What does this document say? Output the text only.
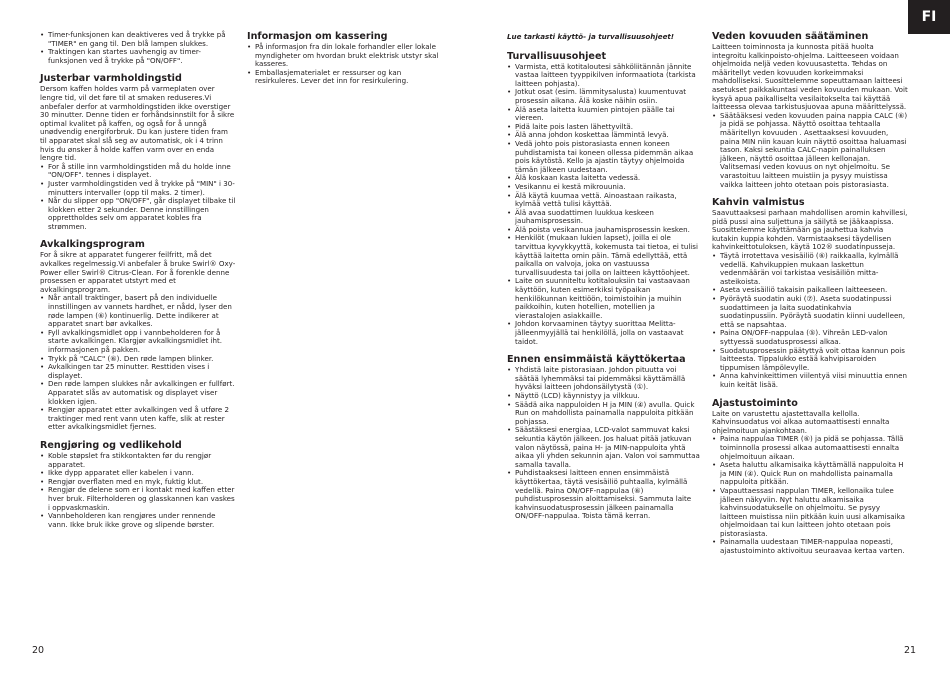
FI
• Timer-funksjonen kan deaktiveres ved å trykke på "TIMER" en gang til. Den blå lampen slukkes.
• Traktingen kan startes uavhengig av timer-funksjonen ved å trykke på "ON/OFF".
Justerbar varmholdingstid

Dersom kaffen holdes varm på varmeplaten over lengre tid, vil det føre til at smaken reduseres.Vi anbefaler derfor at varmholdingstiden ikke overstiger 30 minutter. Denne tiden er forhåndsinnstilt for å sikre optimal kvalitet på kaffen, og også for å unngå unødvendig energiforbruk. Du kan justere tiden fram til apparatet skal slå seg av automatisk, ok i 4 trinn hvis du ønsker å holde kaffen varm over en enda lengre tid.

• For å stille inn varmholdingstiden må du holde inne "ON/OFF". tennes i displayet.
• Juster varmholdingstiden ved å trykke på "MIN" i 30-minutters intervaller (opp til maks. 2 timer).
• Når du slipper opp "ON/OFF", går displayet tilbake til klokken etter 2 sekunder. Denne innstillingen opprettholdes selv om apparatet kobles fra strømmen.
Avkalkingsprogram

For å sikre at apparatet fungerer feilfritt, må det avkalkes regelmessig.Vi anbefaler å bruke Swirl® Oxy-Power eller Swirl® Citrus-Clean. For å forenkle denne prosessen er apparatet utstyrt med et avkalkingsprogram.

• Når antall traktinger, basert på den individuelle innstillingen av vannets hardhet, er nådd, lyser den røde lampen (⑥) kontinuerlig. Dette indikerer at apparatet snart bør avkalkes.
• Fyll avkalkingsmidlet opp i vannbeholderen for å starte avkalkingen. Klargjør avkalkingsmidlet iht. informasjonen på pakken.
• Trykk på "CALC" (⑥). Den røde lampen blinker.
• Avkalkingen tar 25 minutter. Resttiden vises i displayet.
• Den røde lampen slukkes når avkalkingen er fullført. Apparatet slås av automatisk og displayet viser klokken igjen.
• Rengjør apparatet etter avkalkingen ved å utføre 2 traktinger med rent vann uten kaffe, slik at rester etter avkalkingsmidlet fjernes.
Rengjøring og vedlikehold
• Koble støpslet fra stikkontakten før du rengjør apparatet.
• Ikke dypp apparatet eller kabelen i vann.
• Rengjør overflaten med en myk, fuktig klut.
• Rengjør de delene som er i kontakt med kaffen etter hver bruk. Filterholderen og glasskannen kan vaskes i oppvaskmaskin.
• Vannbeholderen kan rengjøres under rennende vann. Ikke bruk ikke grove og slipende børster.
Informasjon om kassering
• På informasjon fra din lokale forhandler eller lokale myndigheter om hvordan brukt elektrisk utstyr skal kasseres.
• Emballasjematerialet er ressurser og kan resirkuleres. Lever det inn for resirkulering.

Lue tarkasti käyttö- ja turvallisuusohjeet!

Turvallisuusohjeet
• Varmista, että kotitaloutesi sähköliitännän jännite vastaa laitteen tyyppikilven informaatiota (tarkista laitteen pohjasta).
• Jotkut osat (esim. lämmitysalusta) kuumentuvat prosessin aikana. Älä koske näihin osiin.
• Älä aseta laitetta kuumien pintojen päälle tai viereen.
• Pidä laite pois lasten lähettyviltä.
• Älä anna johdon koskettaa lämmintä levyä.
• Vedä johto pois pistorasiasta ennen koneen puhdistamista tai koneen ollessa pidemmän aikaa pois käytöstä. Kello ja ajastin täytyy ohjelmoida tämän jälkeen uudestaan.
• Älä koskaan kasta laitetta vedessä.
• Vesikannu ei kestä mikrouunia.
• Älä käytä kuumaa vettä. Ainoastaan raikasta, kylmää vettä tulisi käyttää.
• Älä avaa suodattimen luukkua keskeen jauhamisprosessin.
• Älä poista vesikannua jauhamisprosessin kesken.
• Henkilöt (mukaan lukien lapset), joilla ei ole tarvittua kyvykkyyttä, kokemusta tai tietoa, ei tulisi käyttää laitetta omin päin. Tämä edellyttää, että paikalla on valvoja, joka on vastuussa turvallisuudesta tai jolla on laitteen käyttöohjeet.
• Laite on suunniteltu kotitalouksiin tai vastaavaan käyttöön, kuten esimerkiksi työpaikan henkilökunnan keittiöön, toimistoihin ja muihin paikkoihin, kuten hotellien, motellien ja vierastalojen asiakkaille.
• Johdon korvaaminen täytyy suorittaa Melitta-jälleenmyyjällä tai henkilöllä, jolla on vastaavat taidot.
Ennen ensimmäistä käyttökertaa
• Yhdistä laite pistorasiaan. Johdon pituutta voi säätää lyhemmäksi tai pidemmäksi käyttämällä hyväksi laitteen johdonsäilytystä (①).
• Näyttö (LCD) käynnistyy ja vilkkuu.
• Säädä aika nappuloiden H ja MIN (④) avulla. Quick Run on mahdollista painamalla nappuloita pitkään pohjassa.
• Säästäksesi energiaa, LCD-valot sammuvat kaksi sekuntia käytön jälkeen. Jos haluat pitää jatkuvan valon näytössä, paina H- ja MIN-nappuloita yhtä aikaa yli yhden sekunnin ajan. Valon voi sammuttaa samalla tavalla.
• Puhdistaaksesi laitteen ennen ensimmäistä käyttökertaa, täytä vesisäiliö puhtaalla, kylmällä vedellä. Paina ON/OFF-nappulaa (⑥) puhdistusprosessin aloittamiseksi. Sammuta laite kahvinsuodatusprosessin jälkeen painamalla ON/OFF-nappulaa. Toista tämä kerran.
Veden kovuuden säätäminen

Laitteen toiminnosta ja kunnosta pitää huolta integroitu kalkinpoisto-ohjelma. Laitteeseen voidaan ohjelmoida neljä veden kovuusastetta. Tehdas on määritellyt veden kovuuden korkeimmaksi mahdolliseksi. Suosittelemme sopeuttamaan laitteesi asetukset paikkakuntasi veden kovuuden mukaan. Voit kysyä apua paikalliselta vesilaitokselta tai käyttää laitteessa olevaa tarkistusjuovaa apuna määrittelyssä.

• Säätääksesi veden kovuuden paina nappia CALC (⑥) ja pidä se pohjassa. Näyttö osoittaa tehtaalla määritellyn kovuuden . Asettaaksesi kovuuden, paina MIN niin kauan kuin näyttö osoittaa haluamasi tason. Kaksi sekuntia CALC-napin painalluksen jälkeen, näyttö osoittaa jälleen kellonajan. Valitsemasi veden kovuus on nyt ohjelmoitu. Se varastoituu laitteen muistiin ja pysyy muistissa vaikka laitteen johto otetaan pois pistorasiasta.
Kahvin valmistus

Saavuttaaksesi parhaan mahdollisen aromin kahvillesi, pidä pussi aina suljettuna ja säilytä se jääkaapissa. Suosittelemme käyttämään ga jauhettua kahvia kutakin kuppia kohden. Varmistaaksesi täydellisen kahvinkeittotuloksen, käytä 102® suodatinpusseja.

• Täytä irrotettava vesisäiliö (⑥) raikkaalla, kylmällä vedellä. Kahvikuppien mukaan laskettun vedenmäärän voi tarkistaa vesisäiliön mitta-asteikoista.
• Aseta vesisäiliö takaisin paikalleen laitteeseen.
• Pyöräytä suodatin auki (⑦). Aseta suodatinpussi suodattimeen ja laita suodatinkahvia suodatinpussiin. Pyöräytä suodatin kiinni uudelleen, että se napsahtaa.
• Paina ON/OFF-nappulaa (⑤). Vihreän LED-valon syttyessä suodatusprosessi alkaa.
• Suodatusprosessin päätyttyä voit ottaa kannun pois laitteesta. Tippalukko estää kahvipisaroiden tippumisen lämpölevylle.
• Anna kahvinkeittimen viilentyä viisi minuuttia ennen kuin keität lisää.
Ajastustoiminto

Laite on varustettu ajastettavalla kellolla. Kahvinsuodatus voi alkaa automaattisesti ennalta ohjelmoituun ajankohtaan.

• Paina nappulaa TIMER (⑥) ja pidä se pohjassa. Tällä toiminnolla prosessi alkaa automaattisesti ennalta ohjelmoituun aikaan.
• Aseta haluttu alkamisaika käyttämällä nappuloita H ja MIN (④). Quick Run on mahdollista painamalla nappuloita pitkään.
• Vapauttaessasi nappulan TIMER, kellonaika tulee jälleen näkyviin. Nyt haluttu alkamisaika kahvinsuodatukselle on ohjelmoitu. Se pysyy laitteen muistissa niin pitkään kuin uusi alkamisaika ohjelmoidaan tai kun laitteen johto otetaan pois pistorasiasta.
• Painamalla uudestaan TIMER-nappulaa nopeasti, ajastustoiminto aktivoituu seuraavaa kertaa varten.
20	21
